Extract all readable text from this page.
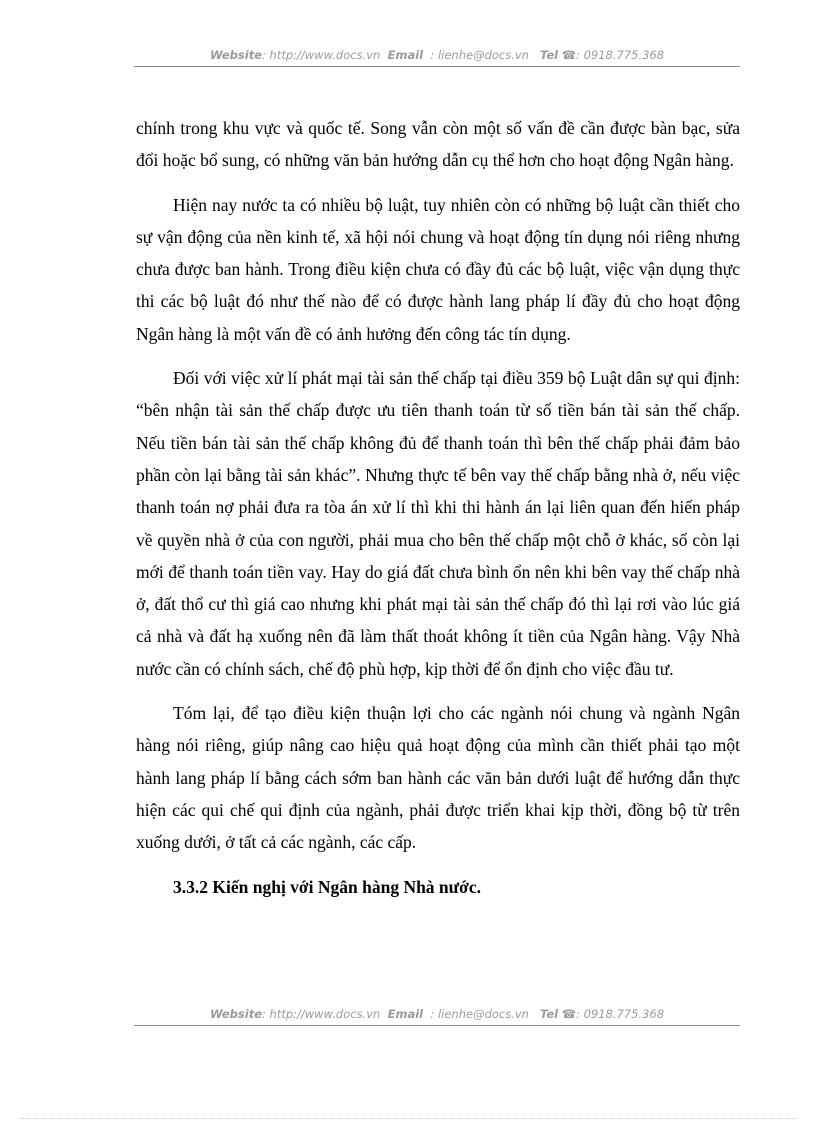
Website: http://www.docs.vn Email : lienhe@docs.vn Tel ☎: 0918.775.368

chính trong khu vực và quốc tế. Song vẫn còn một số vấn đề cần được bàn bạc, sửa đổi hoặc bổ sung, có những văn bản hướng dẫn cụ thể hơn cho hoạt động Ngân hàng.

Hiện nay nước ta có nhiều bộ luật, tuy nhiên còn có những bộ luật cần thiết cho sự vận động của nền kinh tế, xã hội nói chung và hoạt động tín dụng nói riêng nhưng chưa được ban hành. Trong điều kiện chưa có đầy đủ các bộ luật, việc vận dụng thực thi các bộ luật đó như thế nào để có được hành lang pháp lí đầy đủ cho hoạt động Ngân hàng là một vấn đề có ảnh hưởng đến công tác tín dụng.

Đối với việc xử lí phát mại tài sản thế chấp tại điều 359 bộ Luật dân sự qui định: “bên nhận tài sản thế chấp được ưu tiên thanh toán từ số tiền bán tài sản thế chấp. Nếu tiền bán tài sản thế chấp không đủ để thanh toán thì bên thế chấp phải đảm bảo phần còn lại bằng tài sản khác”. Nhưng thực tế bên vay thế chấp bằng nhà ở, nếu việc thanh toán nợ phải đưa ra tòa án xử lí thì khi thi hành án lại liên quan đến hiến pháp về quyền nhà ở của con người, phải mua cho bên thế chấp một chỗ ở khác, số còn lại mới để thanh toán tiền vay. Hay do giá đất chưa bình ổn nên khi bên vay thế chấp nhà ở, đất thổ cư thì giá cao nhưng khi phát mại tài sản thế chấp đó thì lại rơi vào lúc giá cả nhà và đất hạ xuống nên đã làm thất thoát không ít tiền của Ngân hàng. Vậy Nhà nước cần có chính sách, chế độ phù hợp, kịp thời để ổn định cho việc đầu tư.

Tóm lại, để tạo điều kiện thuận lợi cho các ngành nói chung và ngành Ngân hàng nói riêng, giúp nâng cao hiệu quả hoạt động của mình cần thiết phải tạo một hành lang pháp lí bằng cách sớm ban hành các văn bản dưới luật để hướng dẫn thực hiện các qui chế qui định của ngành, phải được triển khai kịp thời, đồng bộ từ trên xuống dưới, ở tất cả các ngành, các cấp.

3.3.2 Kiến nghị với Ngân hàng Nhà nước.
Website: http://www.docs.vn Email : lienhe@docs.vn Tel ☎: 0918.775.368
